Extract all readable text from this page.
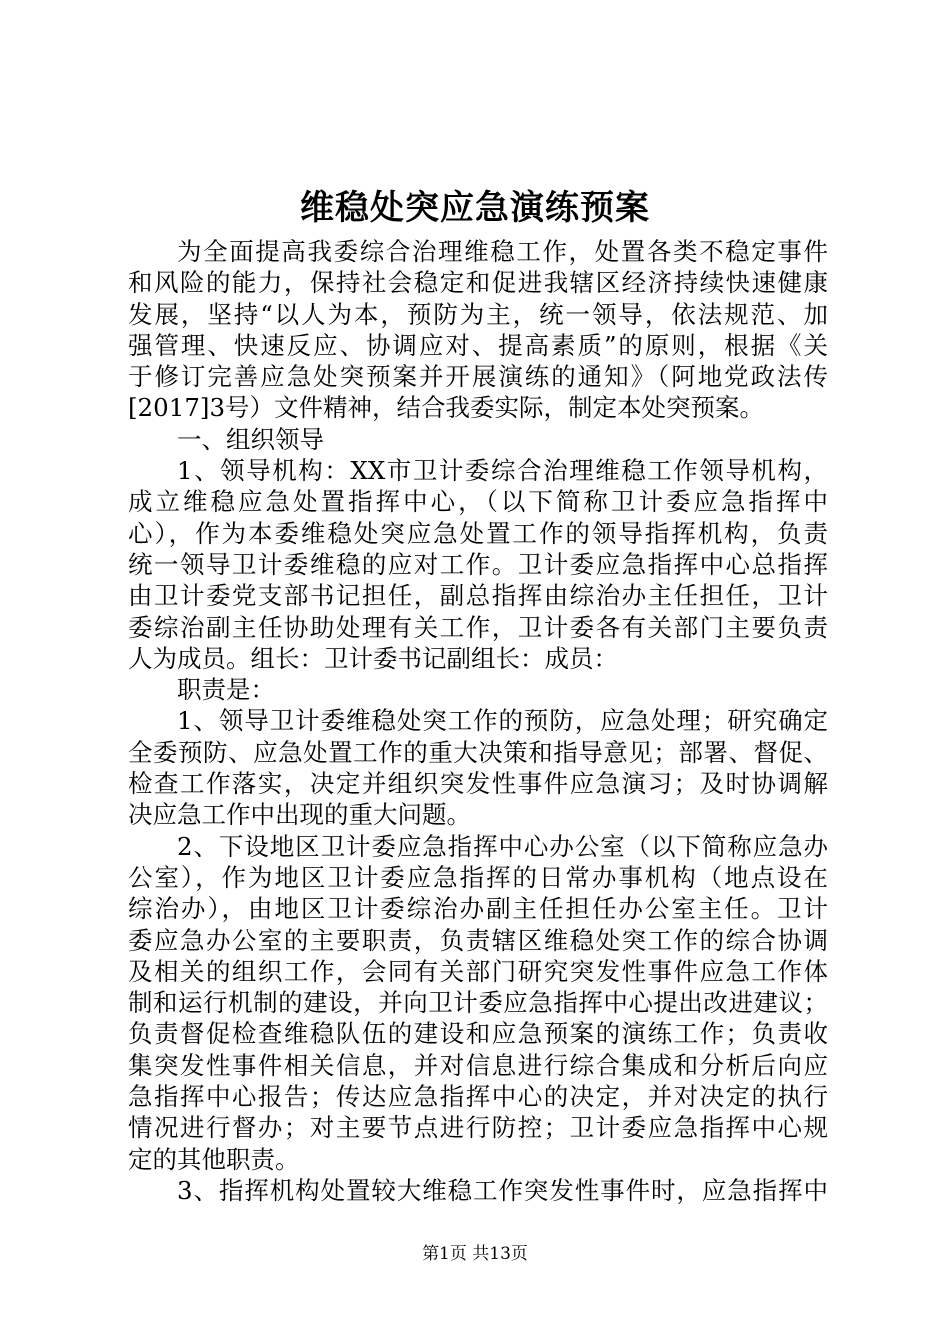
维稳处突应急演练预案
为全面提高我委综合治理维稳工作，处置各类不稳定事件
和风险的能力，保持社会稳定和促进我辖区经济持续快速健康
发展，坚持“以人为本，预防为主，统一领导，依法规范、加
强管理、快速反应、协调应对、提高素质”的原则，根据《关
于修订完善应急处突预案并开展演练的通知》（阿地党政法传
[2017]3号）文件精神，结合我委实际，制定本处突预案。
一、组织领导
1、领导机构：XX市卫计委综合治理维稳工作领导机构，
成立维稳应急处置指挥中心，（以下简称卫计委应急指挥中
心），作为本委维稳处突应急处置工作的领导指挥机构，负责
统一领导卫计委维稳的应对工作。卫计委应急指挥中心总指挥
由卫计委党支部书记担任，副总指挥由综治办主任担任，卫计
委综治副主任协助处理有关工作，卫计委各有关部门主要负责
人为成员。组长：卫计委书记副组长：成员：
职责是：
1、领导卫计委维稳处突工作的预防，应急处理；研究确定
全委预防、应急处置工作的重大决策和指导意见；部署、督促、
检查工作落实，决定并组织突发性事件应急演习；及时协调解
决应急工作中出现的重大问题。
2、下设地区卫计委应急指挥中心办公室（以下简称应急办
公室），作为地区卫计委应急指挥的日常办事机构（地点设在
综治办），由地区卫计委综治办副主任担任办公室主任。卫计
委应急办公室的主要职责，负责辖区维稳处突工作的综合协调
及相关的组织工作，会同有关部门研究突发性事件应急工作体
制和运行机制的建设，并向卫计委应急指挥中心提出改进建议；
负责督促检查维稳队伍的建设和应急预案的演练工作；负责收
集突发性事件相关信息，并对信息进行综合集成和分析后向应
急指挥中心报告；传达应急指挥中心的决定，并对决定的执行
情况进行督办；对主要节点进行防控；卫计委应急指挥中心规
定的其他职责。
3、指挥机构处置较大维稳工作突发性事件时，应急指挥中
第1页 共13页
